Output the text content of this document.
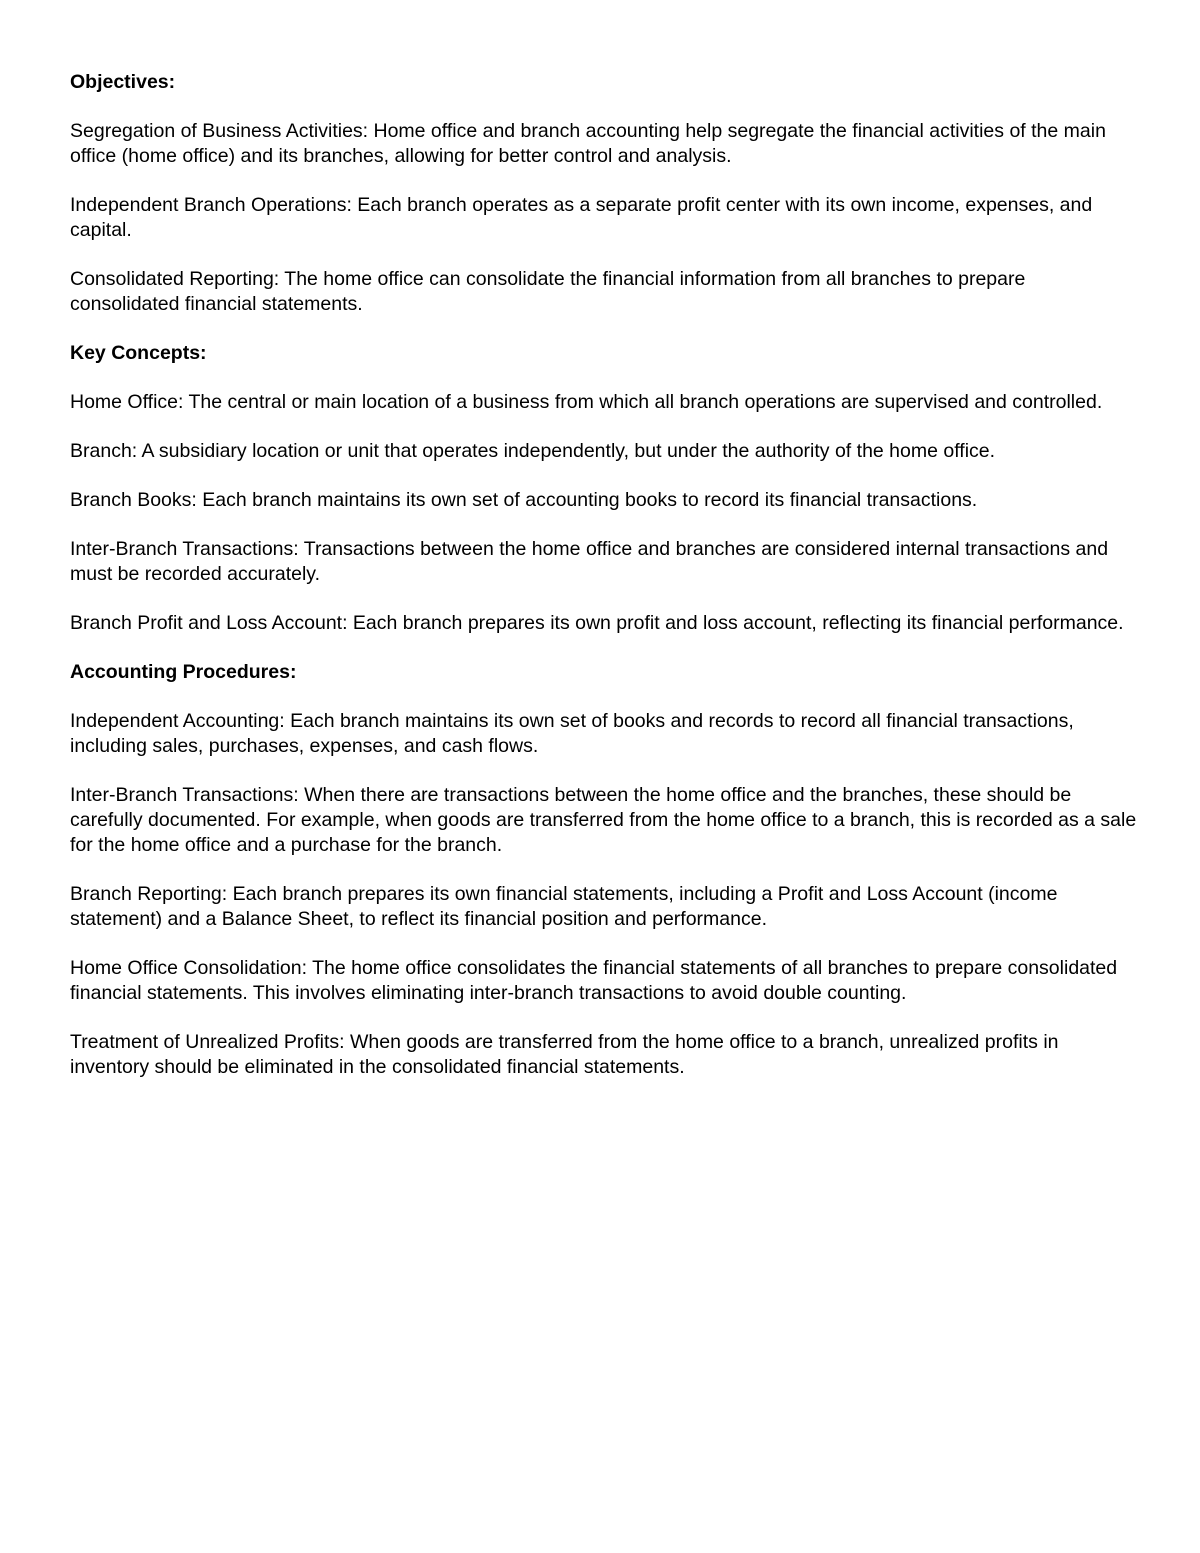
Objectives:

Segregation of Business Activities: Home office and branch accounting help segregate the financial activities of the main office (home office) and its branches, allowing for better control and analysis.

Independent Branch Operations: Each branch operates as a separate profit center with its own income, expenses, and capital.

Consolidated Reporting: The home office can consolidate the financial information from all branches to prepare consolidated financial statements.

Key Concepts:

Home Office: The central or main location of a business from which all branch operations are supervised and controlled.

Branch: A subsidiary location or unit that operates independently, but under the authority of the home office.

Branch Books: Each branch maintains its own set of accounting books to record its financial transactions.

Inter-Branch Transactions: Transactions between the home office and branches are considered internal transactions and must be recorded accurately.

Branch Profit and Loss Account: Each branch prepares its own profit and loss account, reflecting its financial performance.

Accounting Procedures:

Independent Accounting: Each branch maintains its own set of books and records to record all financial transactions, including sales, purchases, expenses, and cash flows.

Inter-Branch Transactions: When there are transactions between the home office and the branches, these should be carefully documented. For example, when goods are transferred from the home office to a branch, this is recorded as a sale for the home office and a purchase for the branch.

Branch Reporting: Each branch prepares its own financial statements, including a Profit and Loss Account (income statement) and a Balance Sheet, to reflect its financial position and performance.

Home Office Consolidation: The home office consolidates the financial statements of all branches to prepare consolidated financial statements. This involves eliminating inter-branch transactions to avoid double counting.

Treatment of Unrealized Profits: When goods are transferred from the home office to a branch, unrealized profits in inventory should be eliminated in the consolidated financial statements.
